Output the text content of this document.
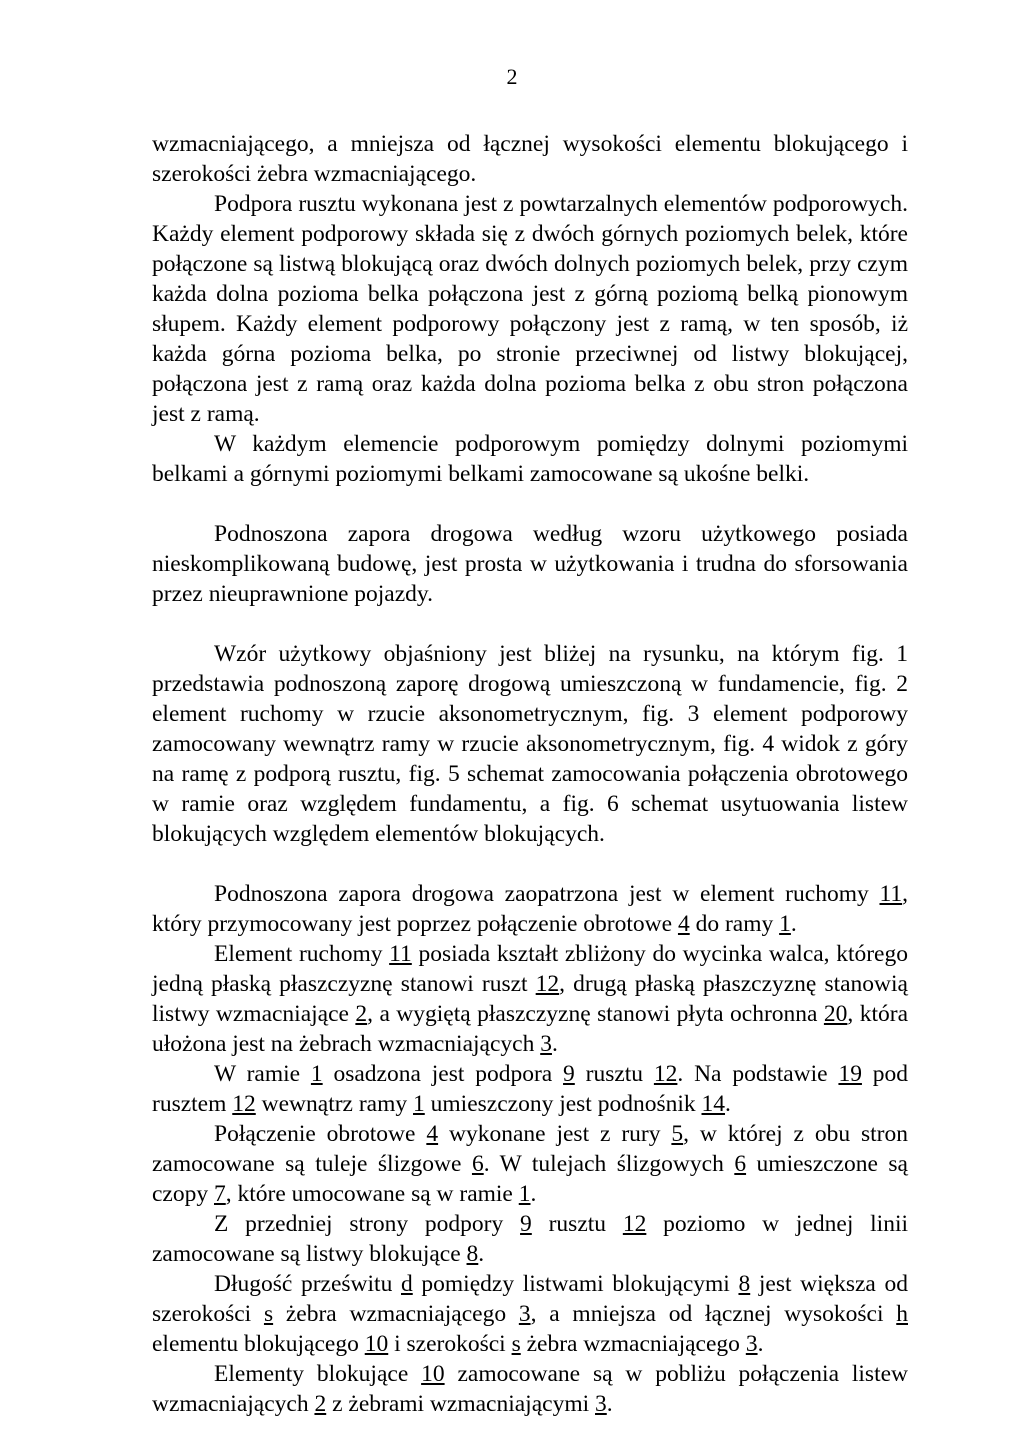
2

wzmacniającego, a mniejsza od łącznej wysokości elementu blokującego i szerokości żebra wzmacniającego.

Podpora rusztu wykonana jest z powtarzalnych elementów podporowych. Każdy element podporowy składa się z dwóch górnych poziomych belek, które połączone są listwą blokującą oraz dwóch dolnych poziomych belek, przy czym każda dolna pozioma belka połączona jest z górną poziomą belką pionowym słupem. Każdy element podporowy połączony jest z ramą, w ten sposób, iż każda górna pozioma belka, po stronie przeciwnej od listwy blokującej, połączona jest z ramą oraz każda dolna pozioma belka z obu stron połączona jest z ramą.

W każdym elemencie podporowym pomiędzy dolnymi poziomymi belkami a górnymi poziomymi belkami zamocowane są ukośne belki.

Podnoszona zapora drogowa według wzoru użytkowego posiada nieskomplikowaną budowę, jest prosta w użytkowania i trudna do sforsowania przez nieuprawnione pojazdy.

Wzór użytkowy objaśniony jest bliżej na rysunku, na którym fig. 1 przedstawia podnoszoną zaporę drogową umieszczoną w fundamencie, fig. 2 element ruchomy w rzucie aksonometrycznym, fig. 3 element podporowy zamocowany wewnątrz ramy w rzucie aksonometrycznym, fig. 4 widok z góry na ramę z podporą rusztu, fig. 5 schemat zamocowania połączenia obrotowego w ramie oraz względem fundamentu, a fig. 6 schemat usytuowania listew blokujących względem elementów blokujących.

Podnoszona zapora drogowa zaopatrzona jest w element ruchomy 11, który przymocowany jest poprzez połączenie obrotowe 4 do ramy 1.

Element ruchomy 11 posiada kształt zbliżony do wycinka walca, którego jedną płaską płaszczyznę stanowi ruszt 12, drugą płaską płaszczyznę stanowią listwy wzmacniające 2, a wygiętą płaszczyznę stanowi płyta ochronna 20, która ułożona jest na żebrach wzmacniających 3.

W ramie 1 osadzona jest podpora 9 rusztu 12. Na podstawie 19 pod rusztem 12 wewnątrz ramy 1 umieszczony jest podnośnik 14.

Połączenie obrotowe 4 wykonane jest z rury 5, w której z obu stron zamocowane są tuleje ślizgowe 6. W tulejach ślizgowych 6 umieszczone są czopy 7, które umocowane są w ramie 1.

Z przedniej strony podpory 9 rusztu 12 poziomo w jednej linii zamocowane są listwy blokujące 8.

Długość prześwitu d pomiędzy listwami blokującymi 8 jest większa od szerokości s żebra wzmacniającego 3, a mniejsza od łącznej wysokości h elementu blokującego 10 i szerokości s żebra wzmacniającego 3.

Elementy blokujące 10 zamocowane są w pobliżu połączenia listew wzmacniających 2 z żebrami wzmacniającymi 3.
